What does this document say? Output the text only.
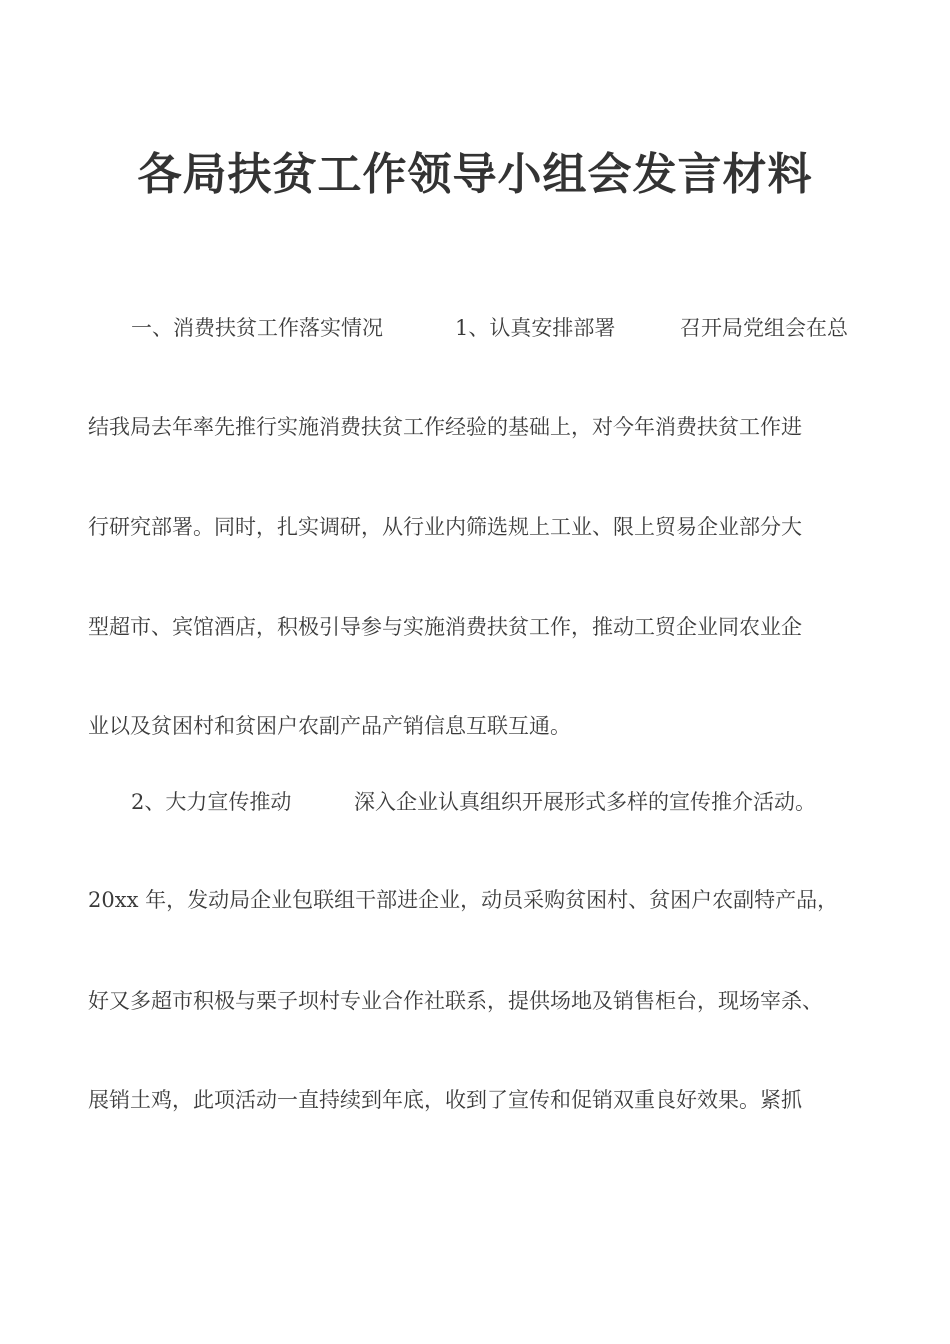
各局扶贫工作领导小组会发言材料
一、消费扶贫工作落实情况	1、认真安排部署	召开局党组会在总
结我局去年率先推行实施消费扶贫工作经验的基础上，对今年消费扶贫工作进
行研究部署。同时，扎实调研，从行业内筛选规上工业、限上贸易企业部分大
型超市、宾馆酒店，积极引导参与实施消费扶贫工作，推动工贸企业同农业企
业以及贫困村和贫困户农副产品产销信息互联互通。
2、大力宣传推动	深入企业认真组织开展形式多样的宣传推介活动。
20xx 年，发动局企业包联组干部进企业，动员采购贫困村、贫困户农副特产品，
好又多超市积极与栗子坝村专业合作社联系，提供场地及销售柜台，现场宰杀、
展销土鸡，此项活动一直持续到年底，收到了宣传和促销双重良好效果。紧抓
